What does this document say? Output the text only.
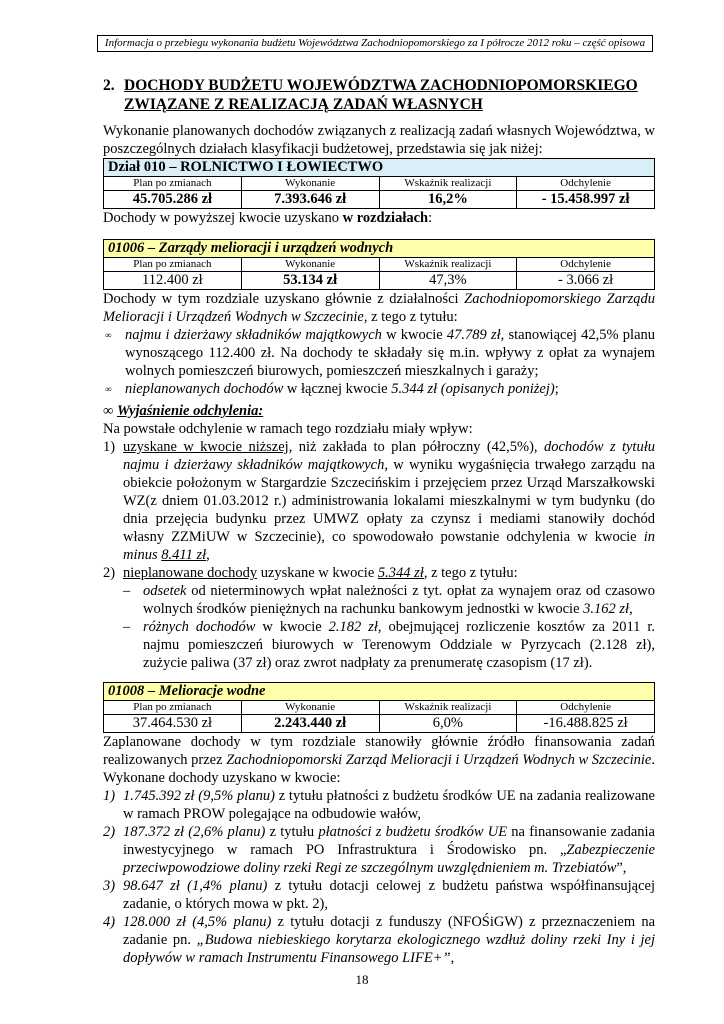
Informacja o przebiegu wykonania budżetu Województwa Zachodniopomorskiego za I półrocze 2012 roku – część opisowa
2. DOCHODY BUDŻETU WOJEWÓDZTWA ZACHODNIOPOMORSKIEGO ZWIĄZANE Z REALIZACJĄ ZADAŃ WŁASNYCH

Wykonanie planowanych dochodów związanych z realizacją zadań własnych Województwa, w poszczególnych działach klasyfikacji budżetowej, przedstawia się jak niżej:

Dział 010 – ROLNICTWO I ŁOWIECTWO			
Plan po zmianach	Wykonanie	Wskaźnik realizacji	Odchylenie
45.705.286 zł	7.393.646 zł	16,2%	- 15.458.997 zł

Dochody w powyższej kwocie uzyskano w rozdziałach:

01006 – Zarządy melioracji i urządzeń wodnych			
Plan po zmianach	Wykonanie	Wskaźnik realizacji	Odchylenie
112.400 zł	53.134 zł	47,3%	- 3.066 zł

Dochody w tym rozdziale uzyskano głównie z działalności Zachodniopomorskiego Zarządu Melioracji i Urządzeń Wodnych w Szczecinie, z tego z tytułu:

∞ najmu i dzierżawy składników majątkowych w kwocie 47.789 zł, stanowiącej 42,5% planu wynoszącego 112.400 zł. Na dochody te składały się m.in. wpływy z opłat za wynajem wolnych pomieszczeń biurowych, pomieszczeń mieszkalnych i garaży;
∞ nieplanowanych dochodów w łącznej kwocie 5.344 zł (opisanych poniżej);
∞ Wyjaśnienie odchylenia:

Na powstałe odchylenie w ramach tego rozdziału miały wpływ:

1) uzyskane w kwocie niższej, niż zakłada to plan półroczny (42,5%), dochodów z tytułu najmu i dzierżawy składników majątkowych, w wyniku wygaśnięcia trwałego zarządu na obiekcie położonym w Stargardzie Szczecińskim i przejęciem przez Urząd Marszałkowski WZ(z dniem 01.03.2012 r.) administrowania lokalami mieszkalnymi w tym budynku (do dnia przejęcia budynku przez UMWZ opłaty za czynsz i mediami stanowiły dochód własny ZZMiUW w Szczecinie), co spowodowało powstanie odchylenia w kwocie in minus 8.411 zł,
2) nieplanowane dochody uzyskane w kwocie 5.344 zł, z tego z tytułu:
– odsetek od nieterminowych wpłat należności z tyt. opłat za wynajem oraz od czasowo wolnych środków pieniężnych na rachunku bankowym jednostki w kwocie 3.162 zł,
– różnych dochodów w kwocie 2.182 zł, obejmującej rozliczenie kosztów za 2011 r. najmu pomieszczeń biurowych w Terenowym Oddziale w Pyrzycach (2.128 zł), zużycie paliwa (37 zł) oraz zwrot nadpłaty za prenumeratę czasopism (17 zł).
01008 – Melioracje wodne			
Plan po zmianach	Wykonanie	Wskaźnik realizacji	Odchylenie
37.464.530 zł	2.243.440 zł	6,0%	-16.488.825 zł

Zaplanowane dochody w tym rozdziale stanowiły głównie źródło finansowania zadań realizowanych przez Zachodniopomorski Zarząd Melioracji i Urządzeń Wodnych w Szczecinie. Wykonane dochody uzyskano w kwocie:

1) 1.745.392 zł (9,5% planu) z tytułu płatności z budżetu środków UE na zadania realizowane w ramach PROW polegające na odbudowie wałów,
2) 187.372 zł (2,6% planu) z tytułu płatności z budżetu środków UE na finansowanie zadania inwestycyjnego w ramach PO Infrastruktura i Środowisko pn. „Zabezpieczenie przeciwpowodziowe doliny rzeki Regi ze szczególnym uwzględnieniem m. Trzebiatów”,
3) 98.647 zł (1,4% planu) z tytułu dotacji celowej z budżetu państwa współfinansującej zadanie, o których mowa w pkt. 2),
4) 128.000 zł (4,5% planu) z tytułu dotacji z funduszy (NFOŚiGW) z przeznaczeniem na zadanie pn. „Budowa niebieskiego korytarza ekologicznego wzdłuż doliny rzeki Iny i jej dopływów w ramach Instrumentu Finansowego LIFE+”,
18
